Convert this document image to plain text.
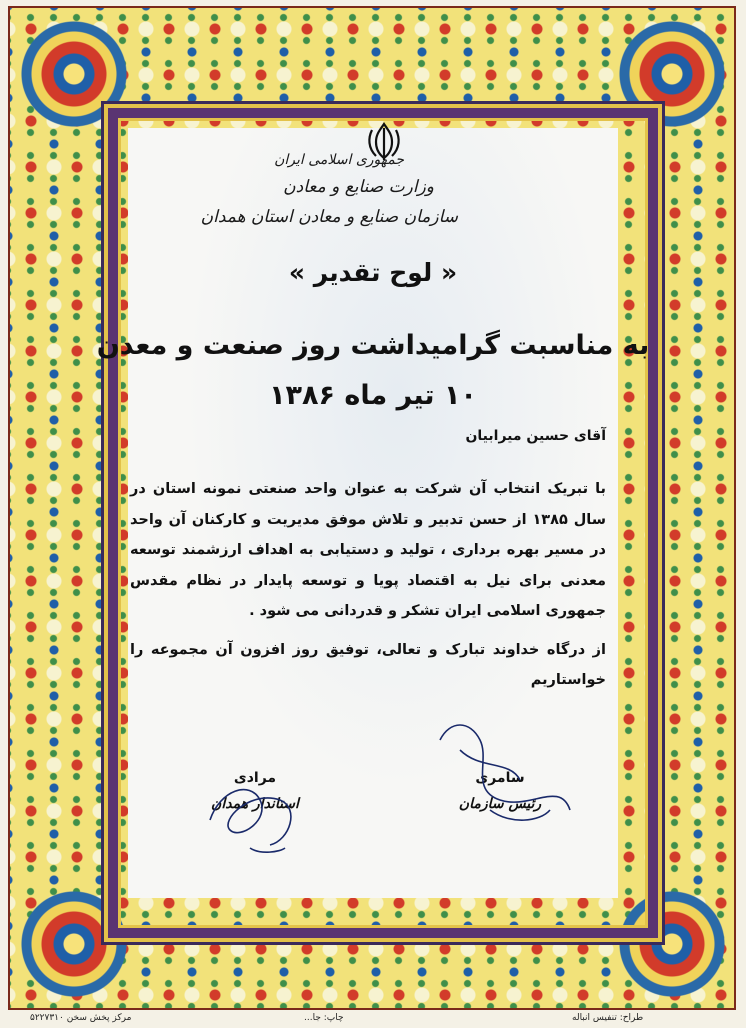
جمهوری اسلامی ایران
وزارت صنایع و معادن
سازمان صنایع و معادن استان همدان
« لوح تقدیر »
به مناسبت گرامیداشت روز صنعت و معدن
۱۰ تیر ماه ۱۳۸۶
آقای حسین میرابیان

با تبریک انتخاب آن شرکت به عنوان واحد صنعتی نمونه استان در سال ۱۳۸۵ از حسن تدبیر و تلاش موفق مدیریت و کارکنان آن واحد در مسیر بهره برداری ، تولید و دستیابی به اهداف ارزشمند توسعه معدنی برای نیل به اقتصاد پویا و توسعه پایدار در نظام مقدس جمهوری اسلامی ایران تشکر و قدردانی می شود .

از درگاه خداوند تبارک و تعالی، توفیق روز افزون آن مجموعه را خواستاریم

مرادی
استاندار همدان
سامری
رئیس سازمان
طراح: تنفیس انباله
چاپ: جا...
مرکز پخش سخن ۵۲۲۷۳۱۰
